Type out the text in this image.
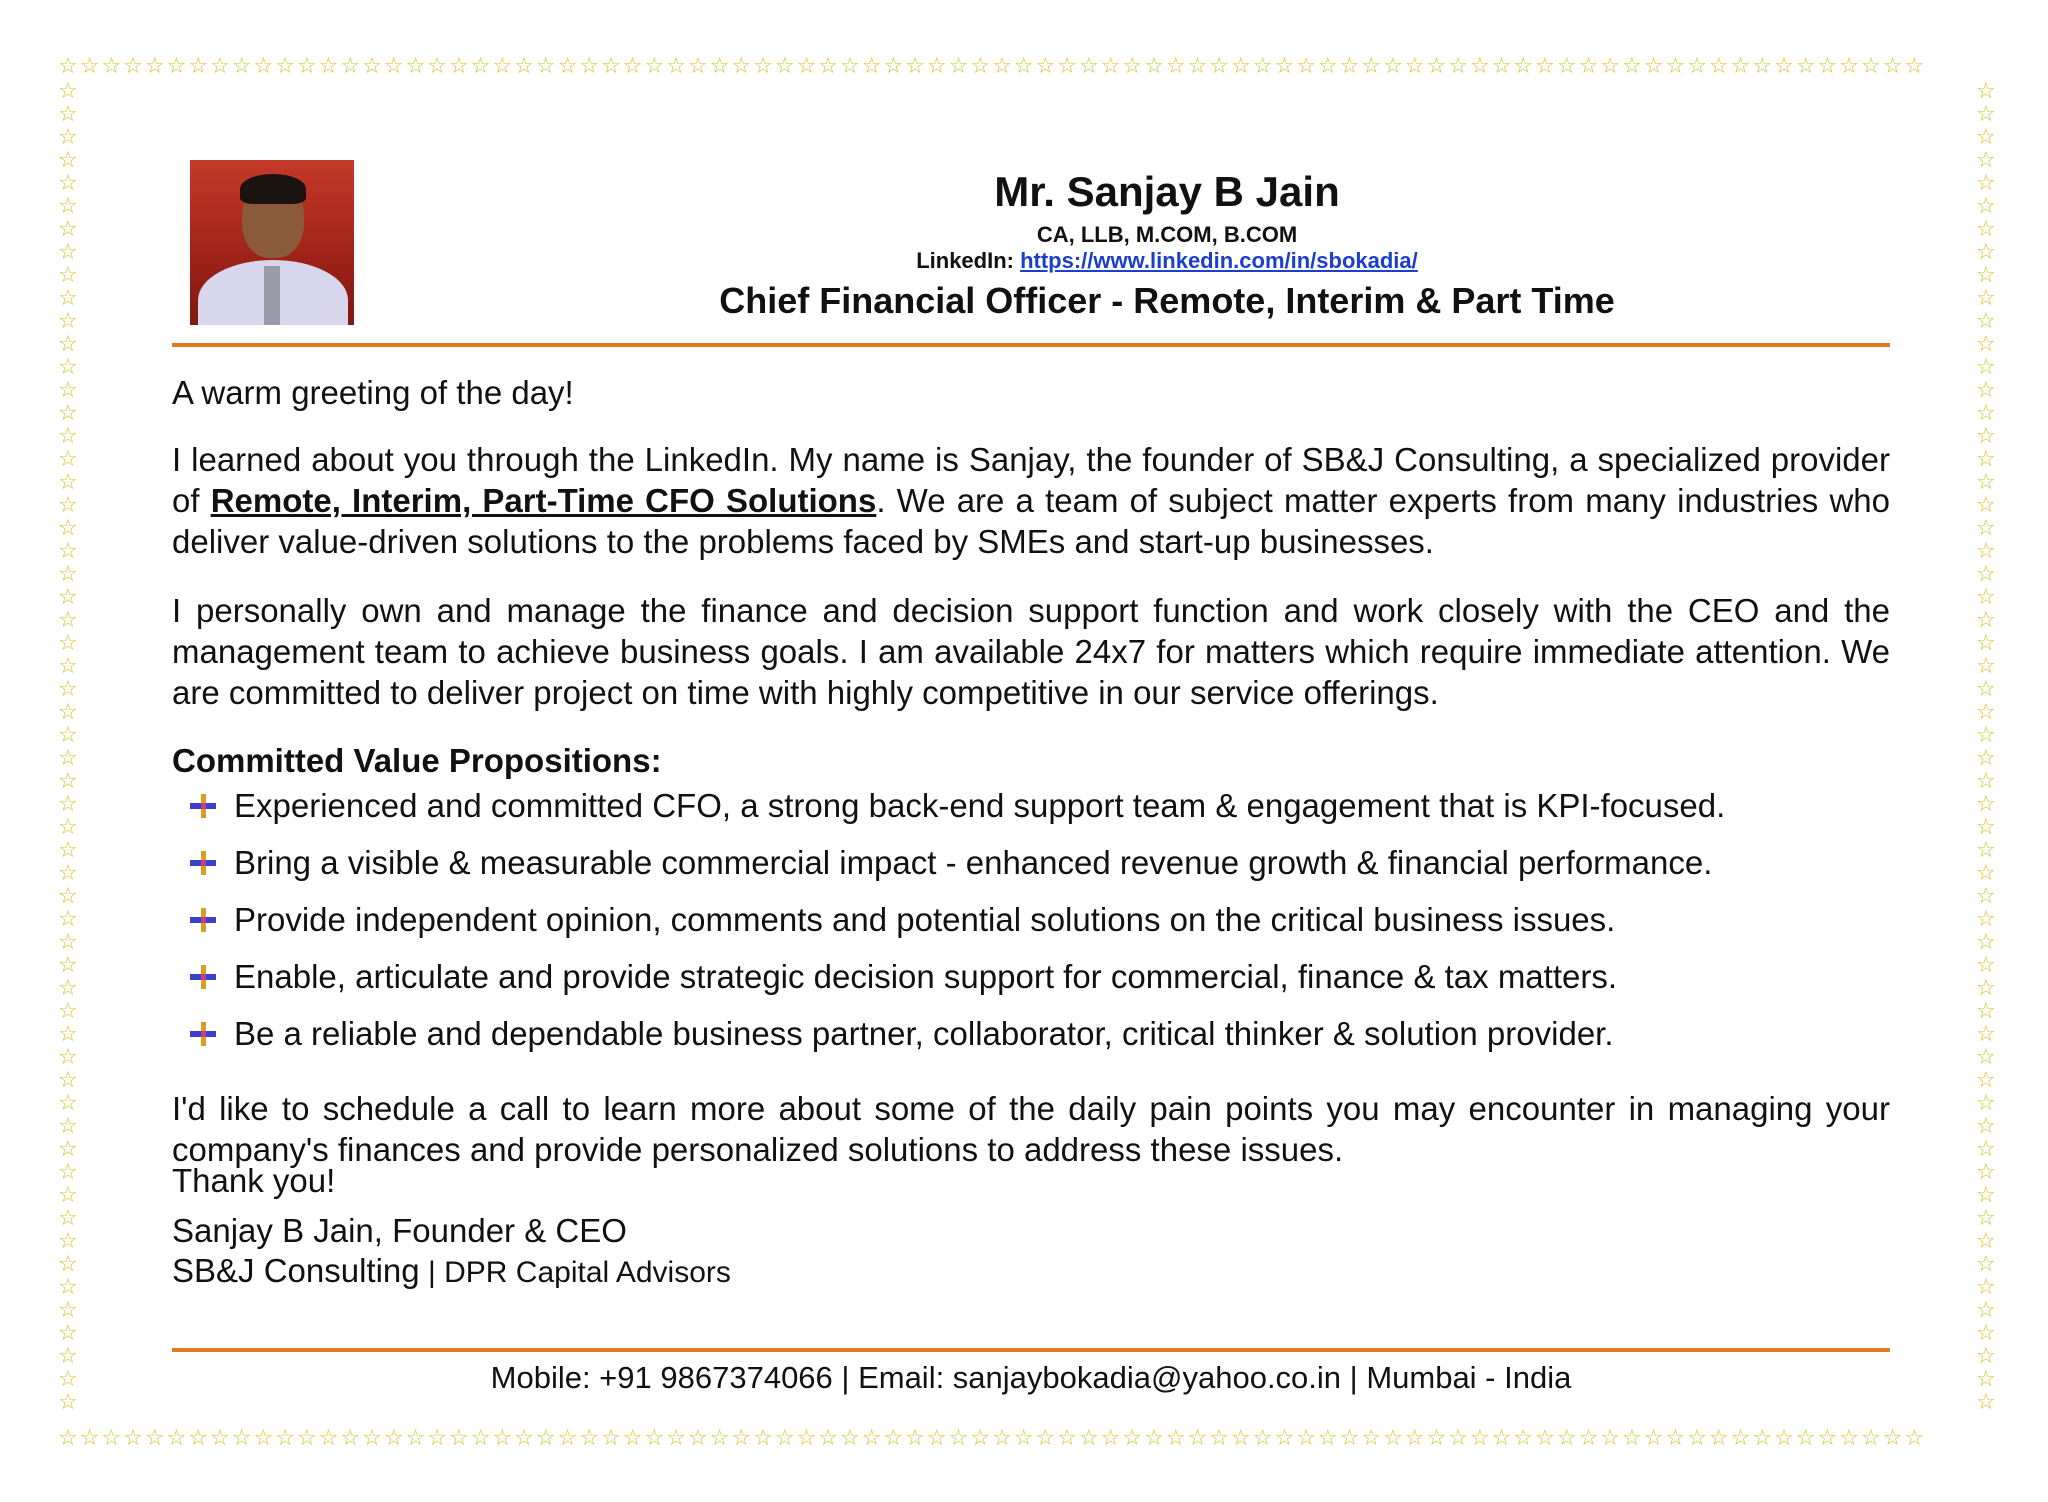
☆☆☆☆☆☆☆☆☆☆☆☆☆☆☆☆☆☆☆☆☆☆☆☆☆☆☆☆☆☆☆☆☆☆☆☆☆☆☆☆☆☆☆☆☆☆☆☆☆☆☆☆☆☆☆☆☆☆☆☆☆☆☆☆☆☆☆☆☆☆☆☆☆☆☆☆☆☆☆☆☆☆☆☆☆☆
☆☆☆☆☆☆☆☆☆☆☆☆☆☆☆☆☆☆☆☆☆☆☆☆☆☆☆☆☆☆☆☆☆☆☆☆☆☆☆☆☆☆☆☆☆☆☆☆☆☆☆☆☆☆☆☆☆☆☆☆☆☆☆☆☆☆☆☆☆☆☆☆☆☆☆☆☆☆☆☆☆☆☆☆☆☆
☆☆☆☆☆☆☆☆☆☆☆☆☆☆☆☆☆☆☆☆☆☆☆☆☆☆☆☆☆☆☆☆☆☆☆☆☆☆☆☆☆☆☆☆☆☆☆☆☆☆☆☆☆☆☆☆☆☆
☆☆☆☆☆☆☆☆☆☆☆☆☆☆☆☆☆☆☆☆☆☆☆☆☆☆☆☆☆☆☆☆☆☆☆☆☆☆☆☆☆☆☆☆☆☆☆☆☆☆☆☆☆☆☆☆☆☆
Mr. Sanjay B Jain
CA, LLB, M.COM, B.COM
LinkedIn: https://www.linkedin.com/in/sbokadia/
Chief Financial Officer - Remote, Interim & Part Time
A warm greeting of the day!
I learned about you through the LinkedIn. My name is Sanjay, the founder of SB&J Consulting, a specialized provider of Remote, Interim, Part-Time CFO Solutions. We are a team of subject matter experts from many industries who deliver value-driven solutions to the problems faced by SMEs and start-up businesses.
I personally own and manage the finance and decision support function and work closely with the CEO and the management team to achieve business goals. I am available 24x7 for matters which require immediate attention. We are committed to deliver project on time with highly competitive in our service offerings.
Committed Value Propositions:
Experienced and committed CFO, a strong back-end support team & engagement that is KPI-focused.
Bring a visible & measurable commercial impact - enhanced revenue growth & financial performance.
Provide independent opinion, comments and potential solutions on the critical business issues.
Enable, articulate and provide strategic decision support for commercial, finance & tax matters.
Be a reliable and dependable business partner, collaborator, critical thinker & solution provider.
I'd like to schedule a call to learn more about some of the daily pain points you may encounter in managing your company's finances and provide personalized solutions to address these issues.
Thank you!
Sanjay B Jain, Founder & CEO
SB&J Consulting | DPR Capital Advisors
Mobile: +91 9867374066 | Email: sanjaybokadia@yahoo.co.in | Mumbai - India
